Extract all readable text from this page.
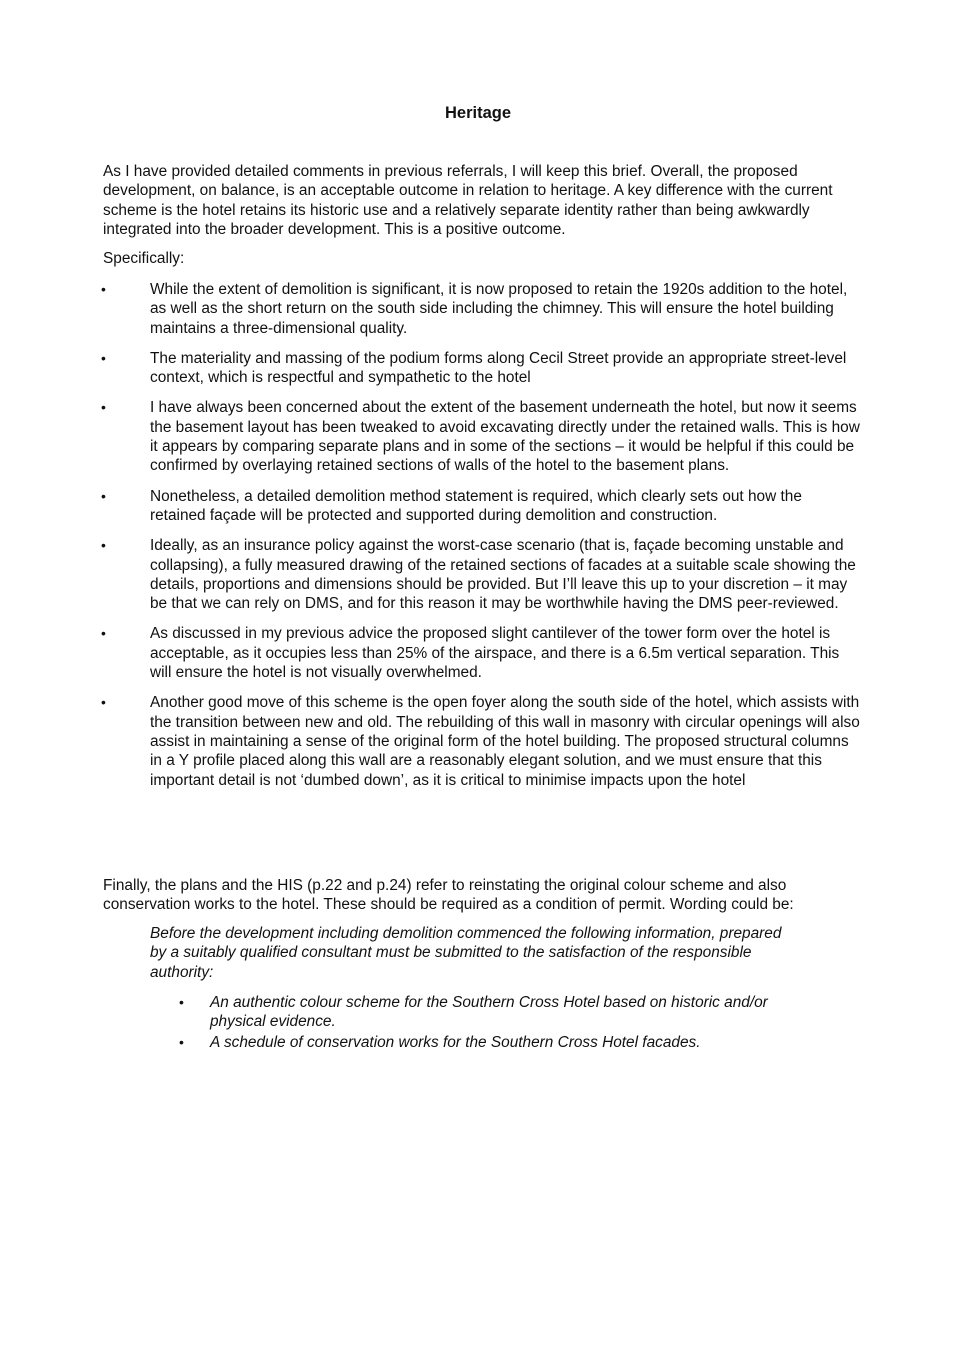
Heritage

As I have provided detailed comments in previous referrals, I will keep this brief. Overall, the proposed development, on balance, is an acceptable outcome in relation to heritage. A key difference with the current scheme is the hotel retains its historic use and a relatively separate identity rather than being awkwardly integrated into the broader development. This is a positive outcome.

Specifically:

•	While the extent of demolition is significant, it is now proposed to retain the 1920s addition to the hotel, as well as the short return on the south side including the chimney. This will ensure the hotel building maintains a three-dimensional quality.
•	The materiality and massing of the podium forms along Cecil Street provide an appropriate street-level context, which is respectful and sympathetic to the hotel
•	I have always been concerned about the extent of the basement underneath the hotel, but now it seems the basement layout has been tweaked to avoid excavating directly under the retained walls. This is how it appears by comparing separate plans and in some of the sections – it would be helpful if this could be confirmed by overlaying retained sections of walls of the hotel to the basement plans.
•	Nonetheless, a detailed demolition method statement is required, which clearly sets out how the retained façade will be protected and supported during demolition and construction.
•	Ideally, as an insurance policy against the worst-case scenario (that is, façade becoming unstable and collapsing), a fully measured drawing of the retained sections of facades at a suitable scale showing the details, proportions and dimensions should be provided. But I’ll leave this up to your discretion – it may be that we can rely on DMS, and for this reason it may be worthwhile having the DMS peer-reviewed.
•	As discussed in my previous advice the proposed slight cantilever of the tower form over the hotel is acceptable, as it occupies less than 25% of the airspace, and there is a 6.5m vertical separation. This will ensure the hotel is not visually overwhelmed.
•	Another good move of this scheme is the open foyer along the south side of the hotel, which assists with the transition between new and old. The rebuilding of this wall in masonry with circular openings will also assist in maintaining a sense of the original form of the hotel building. The proposed structural columns in a Y profile placed along this wall are a reasonably elegant solution, and we must ensure that this important detail is not ‘dumbed down’, as it is critical to minimise impacts upon the hotel

Finally, the plans and the HIS (p.22 and p.24) refer to reinstating the original colour scheme and also conservation works to the hotel. These should be required as a condition of permit. Wording could be:

Before the development including demolition commenced the following information, prepared by a suitably qualified consultant must be submitted to the satisfaction of the responsible authority:

• An authentic colour scheme for the Southern Cross Hotel based on historic and/or physical evidence.
• A schedule of conservation works for the Southern Cross Hotel facades.
